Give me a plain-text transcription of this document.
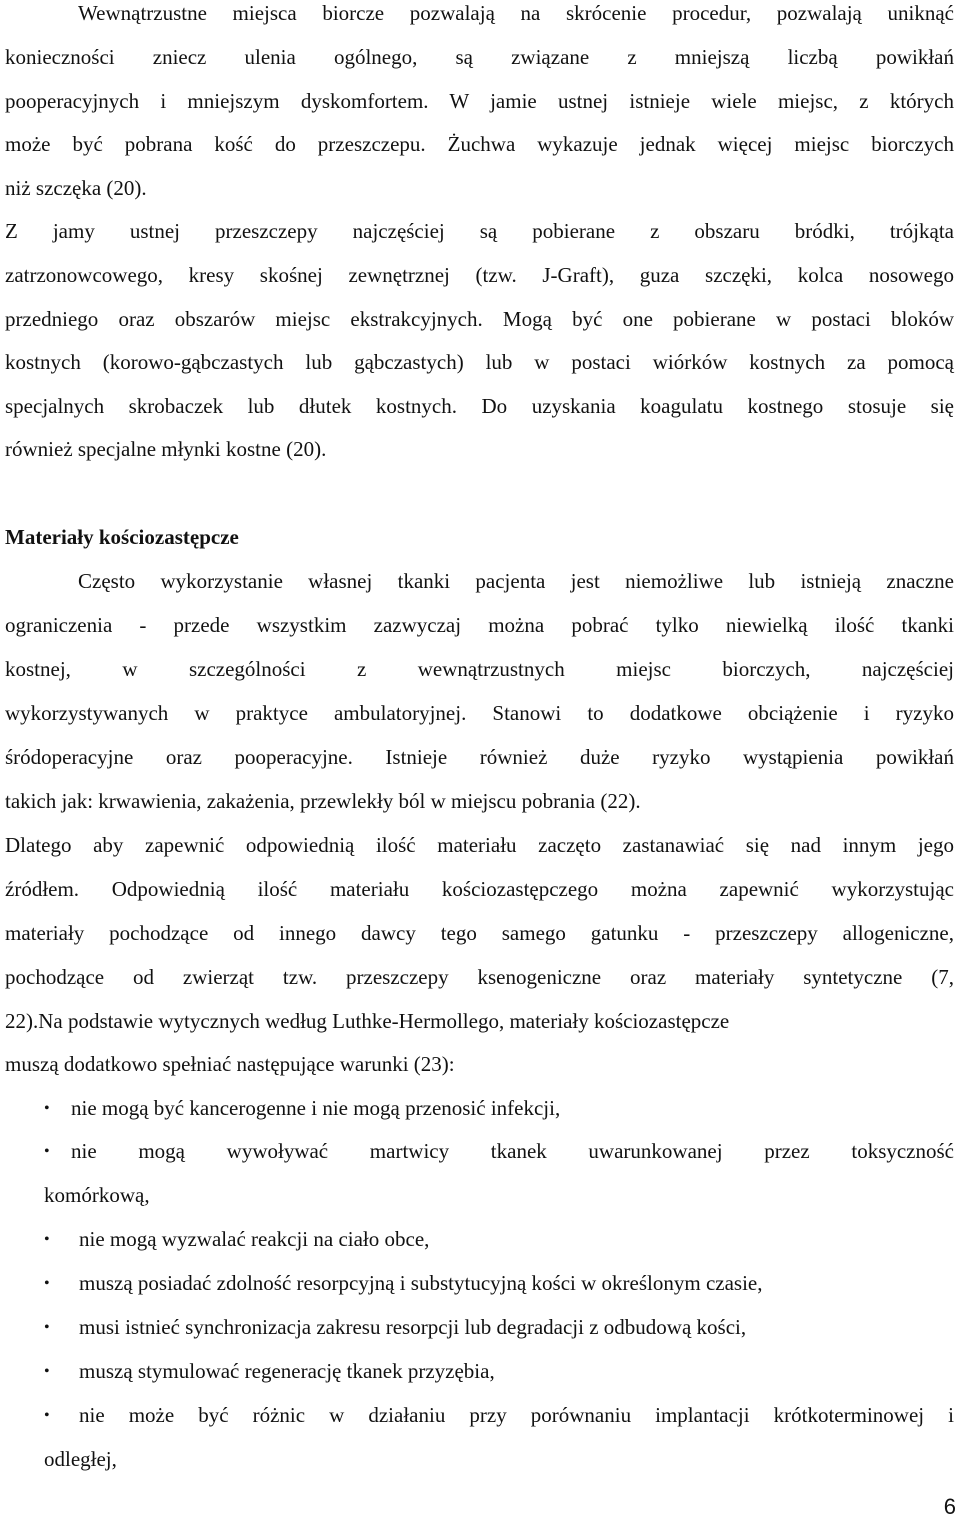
Wewnątrzustne miejsca biorcze pozwalają na skrócenie procedur, pozwalają uniknąć
konieczności zniecz ulenia ogólnego, są związane z mniejszą liczbą powikłań
pooperacyjnych i mniejszym dyskomfortem. W jamie ustnej istnieje wiele miejsc, z których
może być pobrana kość do przeszczepu. Żuchwa wykazuje jednak więcej miejsc biorczych
niż szczęka (20).
Z jamy ustnej przeszczepy najczęściej są pobierane z obszaru bródki, trójkąta
zatrzonowcowego, kresy skośnej zewnętrznej (tzw. J-Graft), guza szczęki, kolca nosowego
przedniego oraz obszarów miejsc ekstrakcyjnych. Mogą być one pobierane w postaci bloków
kostnych (korowo-gąbczastych lub gąbczastych) lub w postaci wiórków kostnych za pomocą
specjalnych skrobaczek lub dłutek kostnych. Do uzyskania koagulatu kostnego stosuje się
również specjalne młynki kostne (20).
Materiały kościozastępcze
Często wykorzystanie własnej tkanki pacjenta jest niemożliwe lub istnieją znaczne
ograniczenia - przede wszystkim zazwyczaj można pobrać tylko niewielką ilość tkanki
kostnej, w szczególności z wewnątrzustnych miejsc biorczych, najczęściej
wykorzystywanych w praktyce ambulatoryjnej. Stanowi to dodatkowe obciążenie i ryzyko
śródoperacyjne oraz pooperacyjne. Istnieje również duże ryzyko wystąpienia powikłań
takich jak: krwawienia, zakażenia, przewlekły ból w miejscu pobrania (22).
Dlatego aby zapewnić odpowiednią ilość materiału zaczęto zastanawiać się nad innym jego
źródłem. Odpowiednią ilość materiału kościozastępczego można zapewnić wykorzystując
materiały pochodzące od innego dawcy tego samego gatunku - przeszczepy allogeniczne,
pochodzące od zwierząt tzw. przeszczepy ksenogeniczne oraz materiały syntetyczne (7,
22).Na podstawie wytycznych według Luthke-Hermollego, materiały kościozastępcze
muszą dodatkowo spełniać następujące warunki (23):
• nie mogą być kancerogenne i nie mogą przenosić infekcji,
• nie mogą wywoływać martwicy tkanek uwarunkowanej przez toksyczność
komórkową,
• nie mogą wyzwalać reakcji na ciało obce,
• muszą posiadać zdolność resorpcyjną i substytucyjną kości w określonym czasie,
• musi istnieć synchronizacja zakresu resorpcji lub degradacji z odbudową kości,
• muszą stymulować regenerację tkanek przyzębia,
• nie może być różnic w działaniu przy porównaniu implantacji krótkoterminowej i
odległej,
6
